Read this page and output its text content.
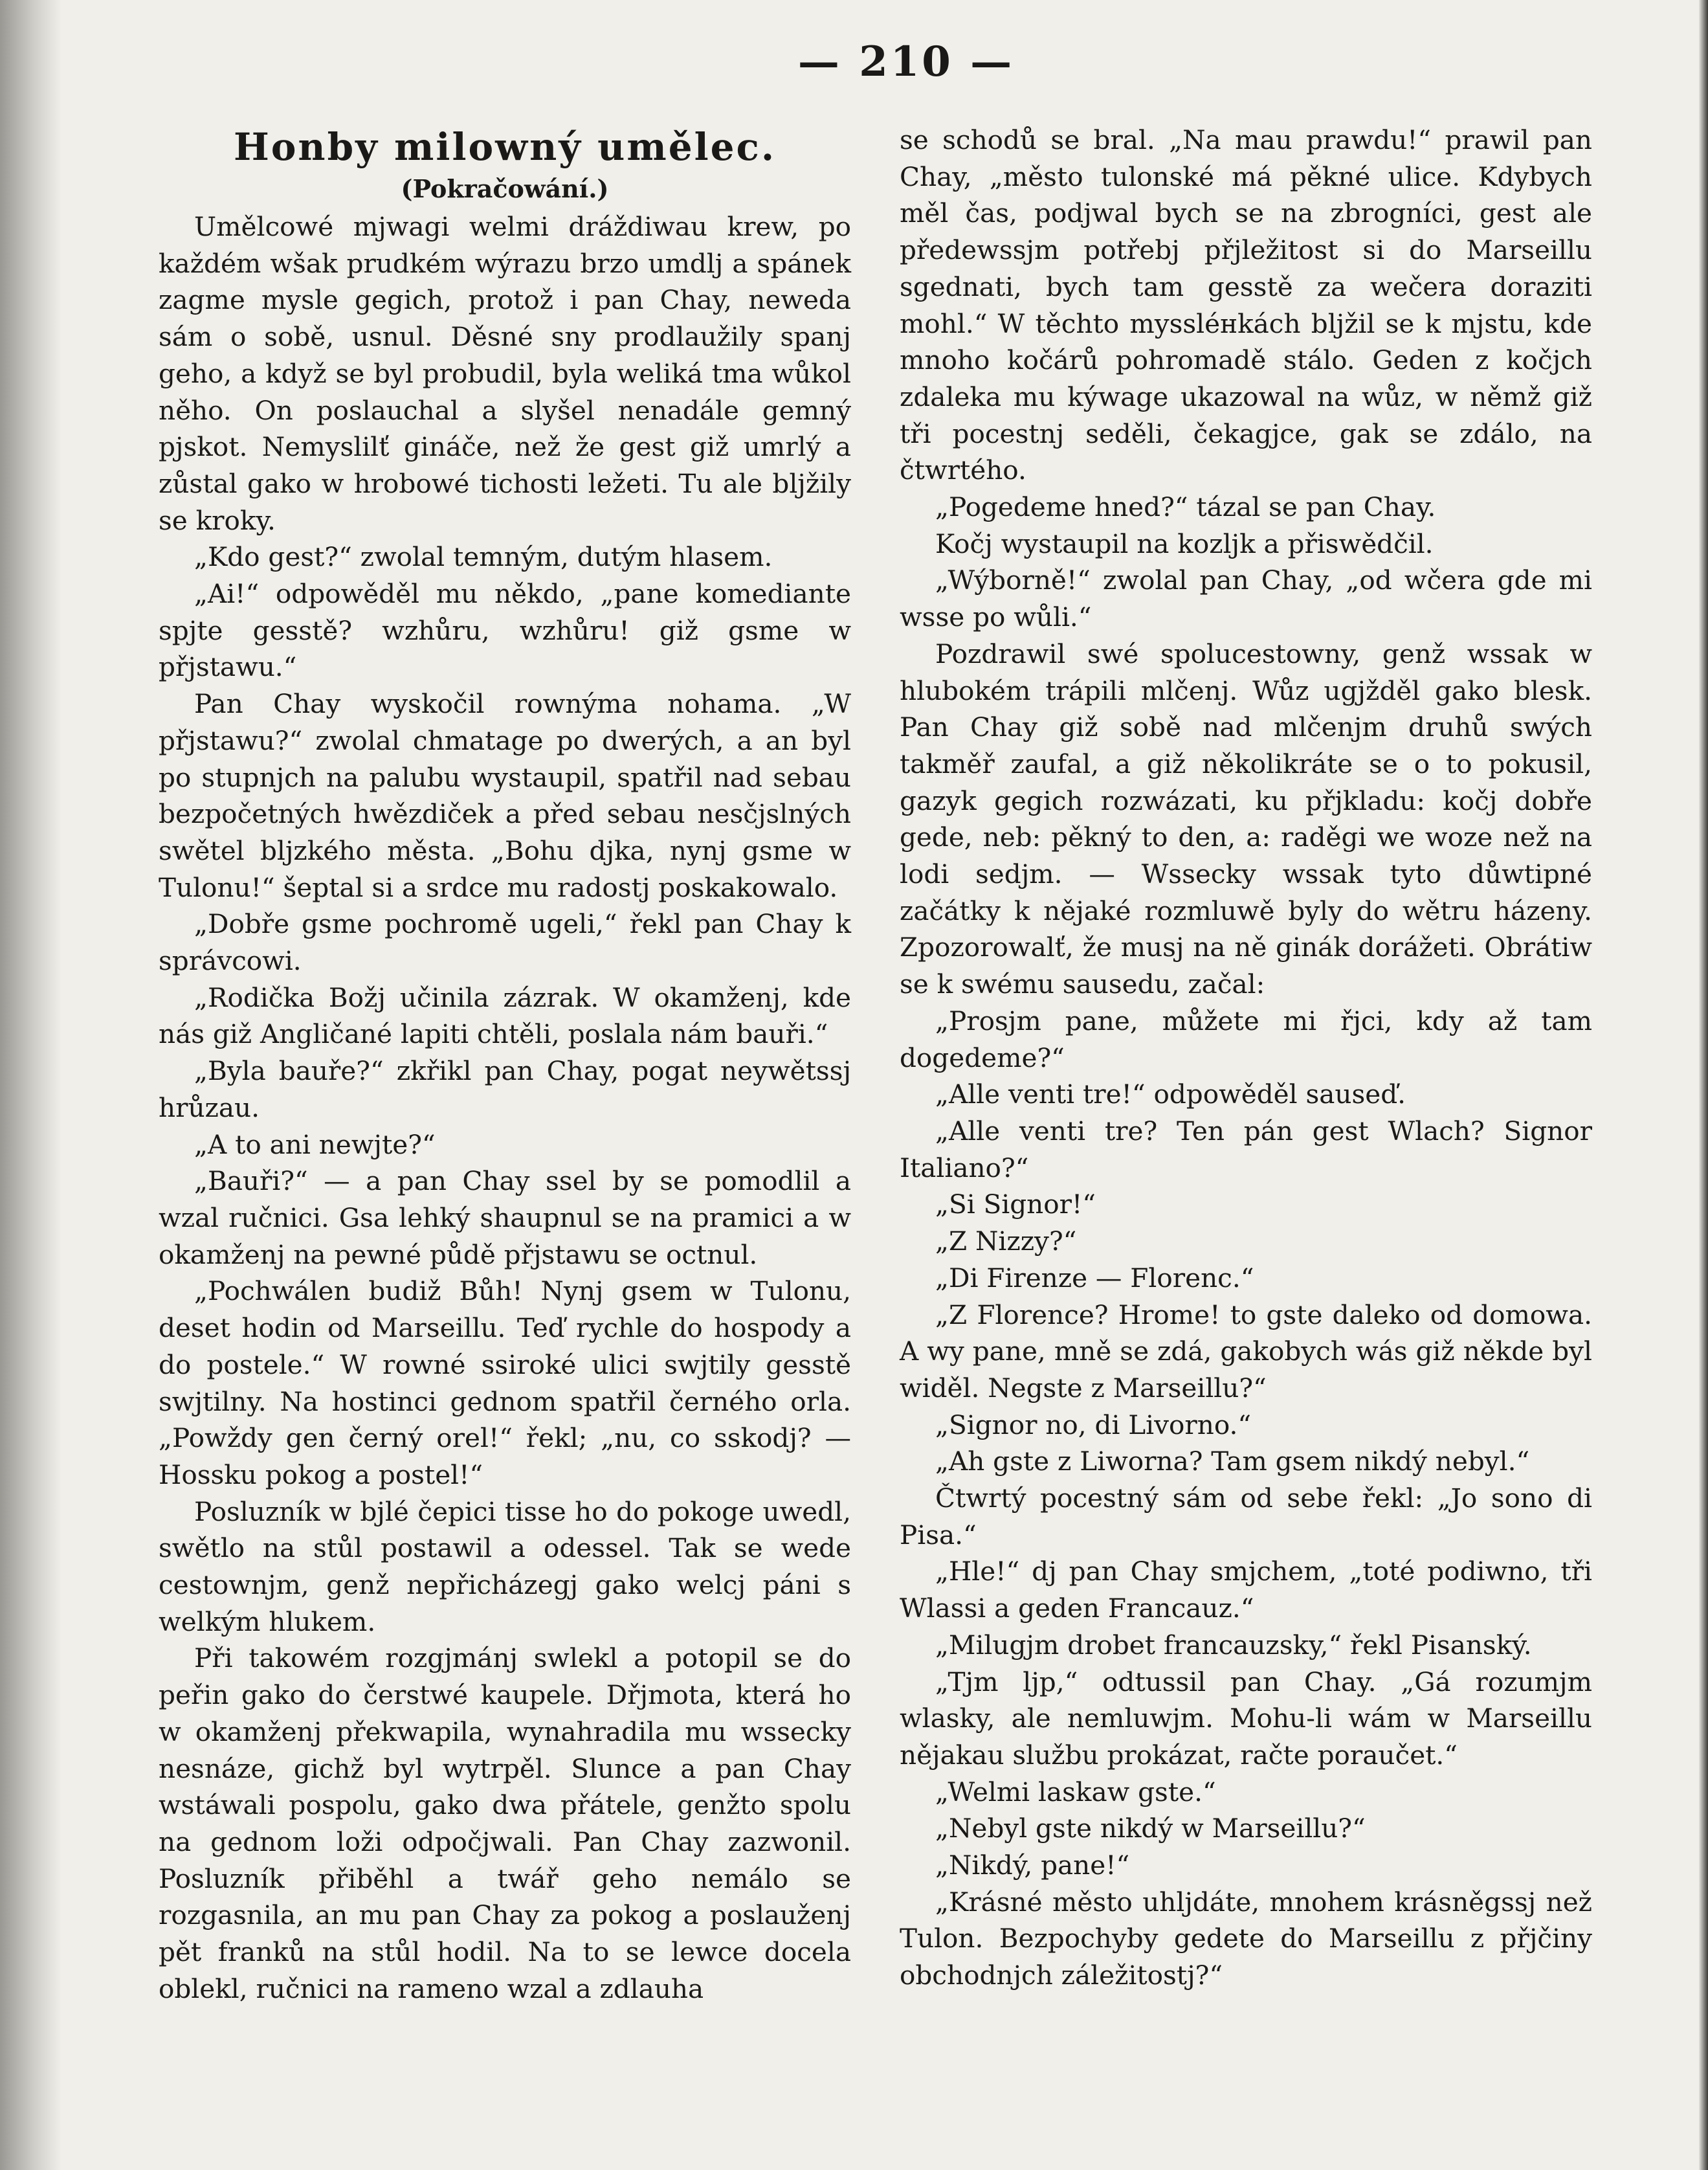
— 210 —
Honby milowný umělec.
(Pokračowání.)

Umělcowé mjwagi welmi dráždiwau krew, po každém wšak prudkém wýrazu brzo umdlj a spánek zagme mysle gegich, protož i pan Chay, neweda sám o sobě, usnul. Děsné sny prodlaužily spanj geho, a když se byl probudil, byla weliká tma wůkol něho. On poslauchal a slyšel nenadále gemný pjskot. Nemyslilť gináče, než že gest giž umrlý a zůstal gako w hrobowé tichosti ležeti. Tu ale blјžily se kroky.

„Kdo gest?“ zwolal temným, dutým hlasem.

„Ai!“ odpowěděl mu někdo, „pane komediante spjte gesstě? wzhůru, wzhůru! giž gsme w přjstawu.“

Pan Chay wyskočil rownýma nohama. „W přjstawu?“ zwolal chmatage po dwerých, a an byl po stupnjch na palubu wystaupil, spatřil nad sebau bezpočetných hwězdiček a před sebau nesčjslných swětel blјzkého města. „Bohu djka, nynj gsme w Tulonu!“ šeptal si a srdce mu radostj poskakowalo.

„Dobře gsme pochromě ugeli,“ řekl pan Chay k správcowi.

„Rodička Božj učinila zázrak. W okamženj, kde nás giž Angličané lapiti chtěli, poslala nám bauři.“

„Byla bauře?“ zkřikl pan Chay, pogat neywětssj hrůzau.

„A to ani newjte?“

„Bauři?“ — a pan Chay ssel by se pomodlil a wzal ručnici. Gsa lehký shaupnul se na pramici a w okamženj na pewné půdě přjstawu se octnul.

„Pochwálen budiž Bůh! Nynj gsem w Tulonu, deset hodin od Marseillu. Teď rychle do hospody a do postele.“ W rowné ssiroké ulici swjtily gesstě swjtilny. Na hostinci gednom spatřil černého orla. „Powždy gen černý orel!“ řekl; „nu, co sskodj? — Hossku pokog a postel!“

Posluzník w bjlé čepici tisse ho do pokoge uwedl, swětlo na stůl postawil a odessel. Tak se wede cestownjm, genž nepřicházegj gako welcj páni s welkým hlukem.

Při takowém rozgjmánj swlekl a potopil se do peřin gako do čerstwé kaupele. Dřjmota, která ho w okamženj překwapila, wynahradila mu wssecky nesnáze, gichž byl wytrpěl. Slunce a pan Chay wstáwali pospolu, gako dwa přátele, genžto spolu na gednom loži odpočjwali. Pan Chay zazwonil. Posluzník přiběhl a twář geho nemálo se rozgasnila, an mu pan Chay za pokog a poslauženj pět franků na stůl hodil. Na to se lewce docela oblekl, ručnici na rameno wzal a zdlauha

se schodů se bral. „Na mau prawdu!“ prawil pan Chay, „město tulonské má pěkné ulice. Kdybych měl čas, podjwal bych se na zbrogníci, gest ale předewssjm potřebj přjležitost si do Marseillu sgednati, bych tam gesstě za wečera doraziti mohl.“ W těchto myssléнkách blјžil se k mjstu, kde mnoho kočárů pohromadě stálo. Geden z kočjch zdaleka mu kýwage ukazowal na wůz, w němž giž tři pocestnj seděli, čekagjce, gak se zdálo, na čtwrtého.

„Pogedeme hned?“ tázal se pan Chay.

Kočj wystaupil na kozljk a přiswědčil.

„Wýborně!“ zwolal pan Chay, „od wčera gde mi wsse po wůli.“

Pozdrawil swé spolucestowny, genž wssak w hlubokém trápili mlčenj. Wůz ugjžděl gako blesk. Pan Chay giž sobě nad mlčenjm druhů swých takměř zaufal, a giž několikráte se o to pokusil, gazyk gegich rozwázati, ku přjkladu: kočj dobře gede, neb: pěkný to den, a: raděgi we woze než na lodi sedjm. — Wssecky wssak tyto důwtipné začátky k nějaké rozmluwě byly do wětru házeny. Zpozorowalť, že musj na ně ginák dorážeti. Obrátiw se k swému sausedu, začal:

„Prosjm pane, můžete mi řjci, kdy až tam dogedeme?“

„Alle venti tre!“ odpowěděl sauseď.

„Alle venti tre? Ten pán gest Wlach? Signor Italiano?“

„Si Signor!“

„Z Nizzy?“

„Di Firenze — Florenc.“

„Z Florence? Hrome! to gste daleko od domowa. A wy pane, mně se zdá, gakobych wás giž někde byl widěl. Negste z Marseillu?“

„Signor no, di Livorno.“

„Ah gste z Liworna? Tam gsem nikdý nebyl.“

Čtwrtý pocestný sám od sebe řekl: „Jo sono di Pisa.“

„Hle!“ dj pan Chay smjchem, „toté podiwno, tři Wlassi a geden Francauz.“

„Milugjm drobet francauzsky,“ řekl Pisanský.

„Tjm ljp,“ odtussil pan Chay. „Gá rozumjm wlasky, ale nemluwjm. Mohu-li wám w Marseillu nějakau službu prokázat, račte poraučet.“

„Welmi laskaw gste.“

„Nebyl gste nikdý w Marseillu?“

„Nikdý, pane!“

„Krásné město uhljdáte, mnohem krásněgssj než Tulon. Bezpochyby gedete do Marseillu z přjčiny obchodnjch záležitostj?“
